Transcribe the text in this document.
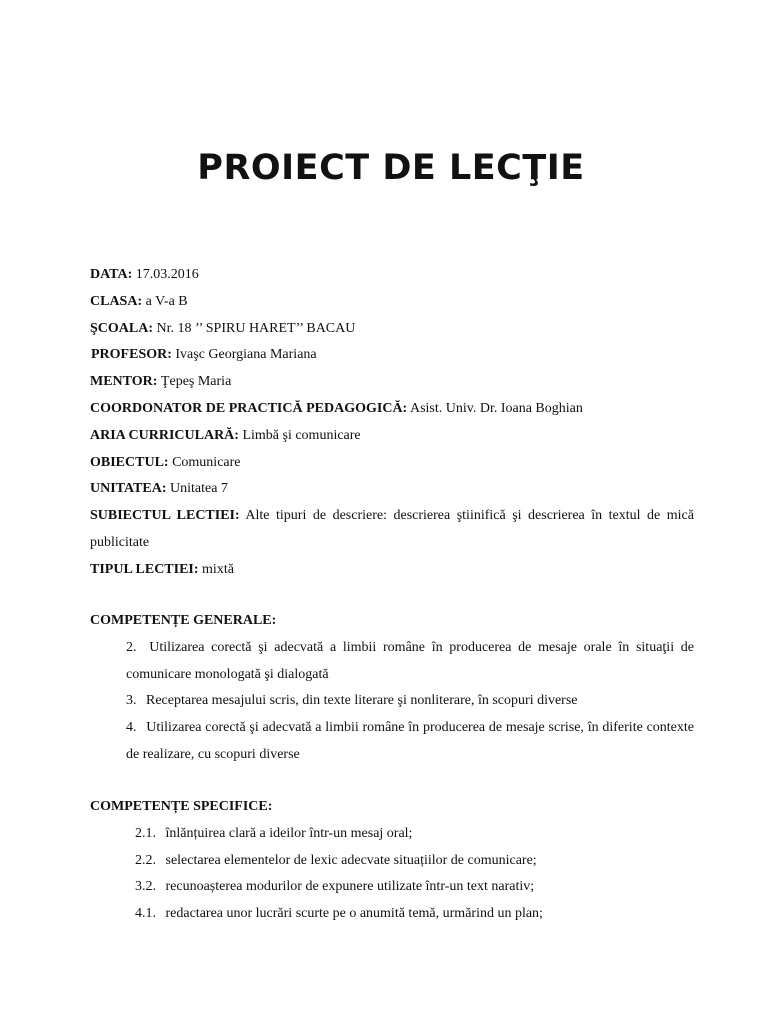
PROIECT DE LECŢIE

DATA: 17.03.2016

CLASA: a V-a B

ŞCOALA: Nr. 18 ’’ SPIRU HARET’’ BACAU

PROFESOR: Ivaşc Georgiana Mariana

MENTOR: Ţepeş Maria

COORDONATOR DE PRACTICĂ PEDAGOGICĂ: Asist. Univ. Dr. Ioana Boghian

ARIA CURRICULARĂ: Limbă şi comunicare

OBIECTUL: Comunicare

UNITATEA: Unitatea 7

SUBIECTUL LECTIEI: Alte tipuri de descriere: descrierea ştiinifică şi descrierea în textul de mică publicitate

TIPUL LECTIEI: mixtă

COMPETENȚE GENERALE:

2. Utilizarea corectă şi adecvată a limbii române în producerea de mesaje orale în situaţii de comunicare monologată şi dialogată

3. Receptarea mesajului scris, din texte literare şi nonliterare, în scopuri diverse

4. Utilizarea corectă şi adecvată a limbii române în producerea de mesaje scrise, în diferite contexte de realizare, cu scopuri diverse

COMPETENȚE SPECIFICE:

2.1. înlănțuirea clară a ideilor într-un mesaj oral;

2.2. selectarea elementelor de lexic adecvate situațiilor de comunicare;

3.2. recunoașterea modurilor de expunere utilizate într-un text narativ;

4.1. redactarea unor lucrări scurte pe o anumită temă, urmărind un plan;
